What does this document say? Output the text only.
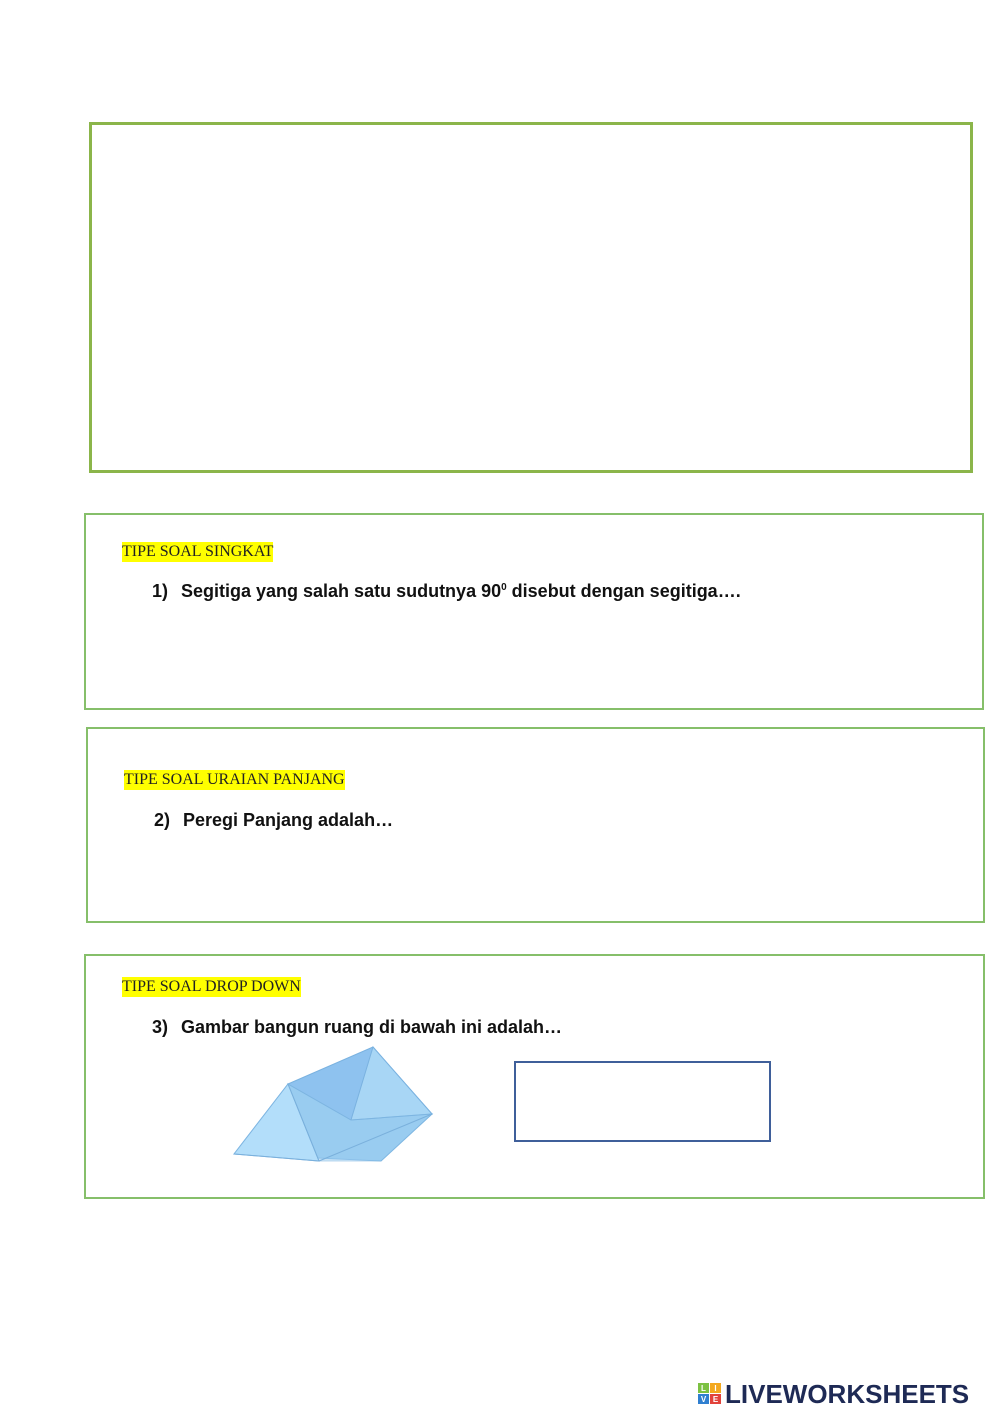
TIPE SOAL SINGKAT
1) Segitiga yang salah satu sudutnya $90^0$ disebut dengan segitiga….
TIPE SOAL URAIAN PANJANG
2) Peregi Panjang adalah…
TIPE SOAL DROP DOWN
3) Gambar bangun ruang di bawah ini adalah…
L I
V E LIVEWORKSHEETS
